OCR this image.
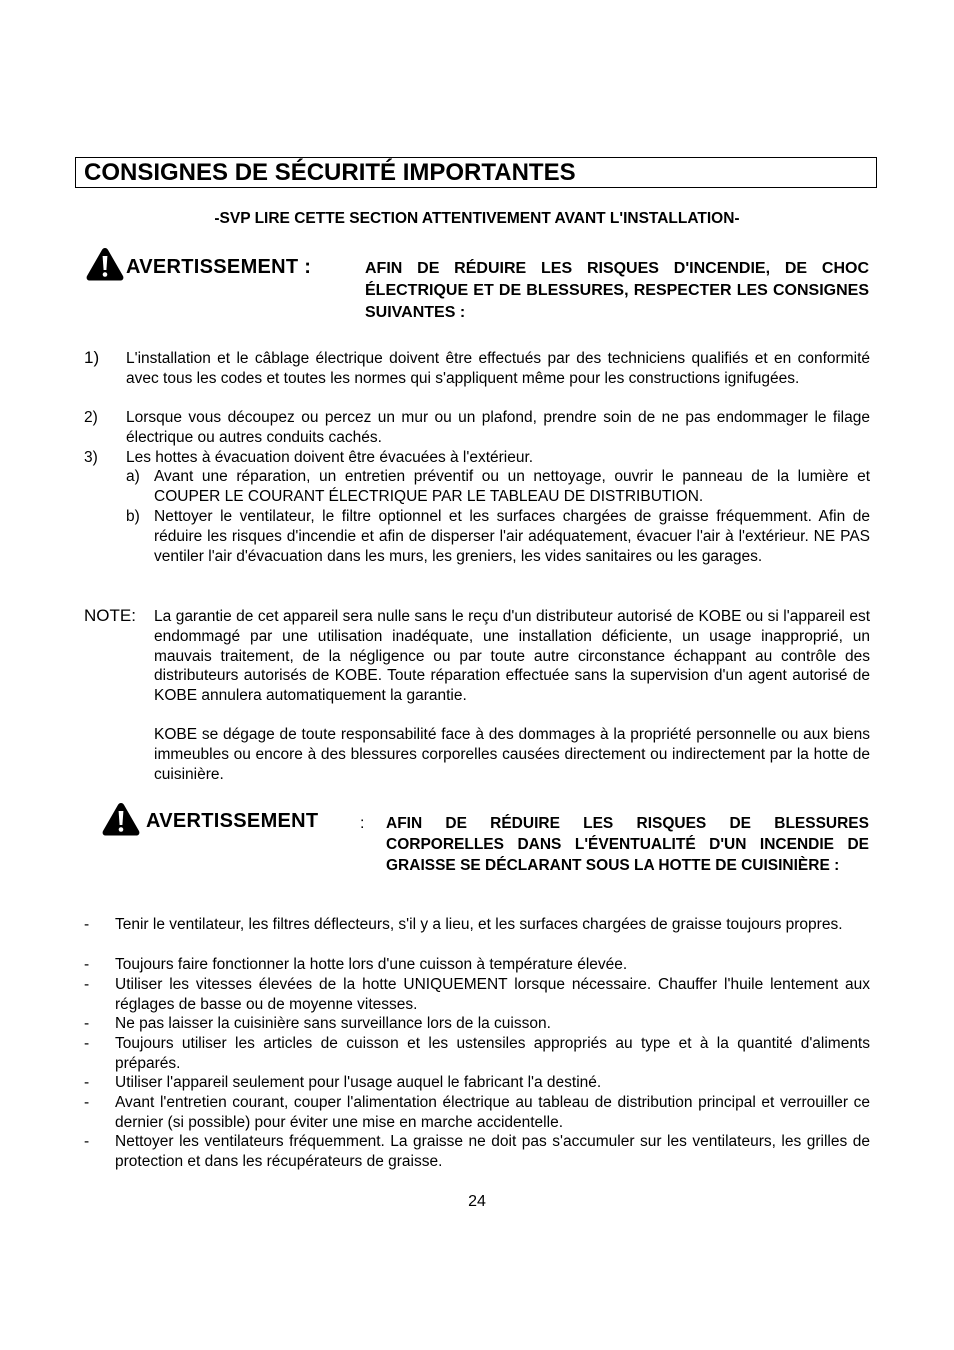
CONSIGNES DE SÉCURITÉ IMPORTANTES
-SVP LIRE CETTE SECTION ATTENTIVEMENT AVANT L'INSTALLATION-
AVERTISSEMENT :	AFIN DE RÉDUIRE LES RISQUES D'INCENDIE, DE CHOC ÉLECTRIQUE ET DE BLESSURES, RESPECTER LES CONSIGNES SUIVANTES :
1) L'installation et le câblage électrique doivent être effectués par des techniciens qualifiés et en conformité avec tous les codes et toutes les normes qui s'appliquent même pour les constructions ignifugées.
2) Lorsque vous découpez ou percez un mur ou un plafond, prendre soin de ne pas endommager le filage électrique ou autres conduits cachés.
3) Les hottes à évacuation doivent être évacuées à l'extérieur.
a) Avant une réparation, un entretien préventif ou un nettoyage, ouvrir le panneau de la lumière et COUPER LE COURANT ÉLECTRIQUE PAR LE TABLEAU DE DISTRIBUTION.
b) Nettoyer le ventilateur, le filtre optionnel et les surfaces chargées de graisse fréquemment. Afin de réduire les risques d'incendie et afin de disperser l'air adéquatement, évacuer l'air à l'extérieur. NE PAS ventiler l'air d'évacuation dans les murs, les greniers, les vides sanitaires ou les garages.
NOTE: La garantie de cet appareil sera nulle sans le reçu d'un distributeur autorisé de KOBE ou si l'appareil est endommagé par une utilisation inadéquate, une installation déficiente, un usage inapproprié, un mauvais traitement, de la négligence ou par toute autre circonstance échappant au contrôle des distributeurs autorisés de KOBE. Toute réparation effectuée sans la supervision d'un agent autorisé de KOBE annulera automatiquement la garantie.
KOBE se dégage de toute responsabilité face à des dommages à la propriété personnelle ou aux biens immeubles ou encore à des blessures corporelles causées directement ou indirectement par la hotte de cuisinière.
AVERTISSEMENT	: AFIN DE RÉDUIRE LES RISQUES DE BLESSURES CORPORELLES DANS L'ÉVENTUALITÉ D'UN INCENDIE DE GRAISSE SE DÉCLARANT SOUS LA HOTTE DE CUISINIÈRE :
- Tenir le ventilateur, les filtres déflecteurs, s'il y a lieu, et les surfaces chargées de graisse toujours propres.
- Toujours faire fonctionner la hotte lors d'une cuisson à température élevée.
- Utiliser les vitesses élevées de la hotte UNIQUEMENT lorsque nécessaire. Chauffer l'huile lentement aux réglages de basse ou de moyenne vitesses.
- Ne pas laisser la cuisinière sans surveillance lors de la cuisson.
- Toujours utiliser les articles de cuisson et les ustensiles appropriés au type et à la quantité d'aliments préparés.
- Utiliser l'appareil seulement pour l'usage auquel le fabricant l'a destiné.
- Avant l'entretien courant, couper l'alimentation électrique au tableau de distribution principal et verrouiller ce dernier (si possible) pour éviter une mise en marche accidentelle.
- Nettoyer les ventilateurs fréquemment. La graisse ne doit pas s'accumuler sur les ventilateurs, les grilles de protection et dans les récupérateurs de graisse.
24
